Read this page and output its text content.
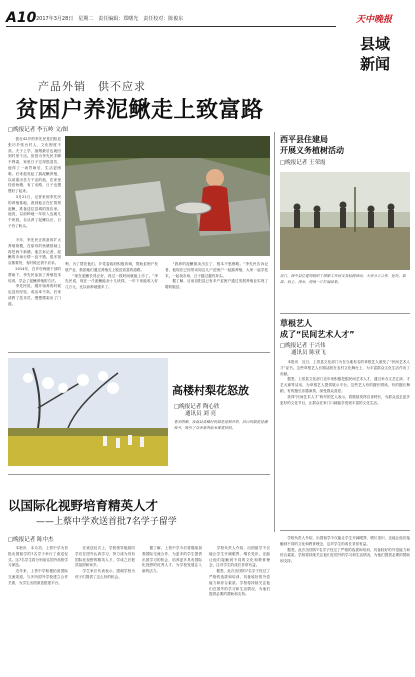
A10 2017年3月28日　星期二　责任编辑：郑曙光　责任校对：陈俊东	天中晚报
县域
新闻
产品外销　供不应求
贫困户养泥鳅走上致富路
□晚报记者 李五岭 文/图
　　我在42岁的李先民是泊阳县张坊乡张台村人，文化程度不高，夫子上学，抽烟最后也就回到村里干活。但因为李先民手脚不利索，家里日子过得很清苦，他得了一场胃病后，生活更困难。后来他发起了搞泥鳅养殖，以前靠出苦力干活的他，在家里经营鱼塘，有了出路，日子也慢慢好了起来。
　　3月21日，记者来到李先民的养殖基地，看到他正在忙着捞泥鳅，准备送往县城的饭店里。他说，以前种地一年收入也就几千块钱，自从养了泥鳅以后，日子有了盼头。
　　今年，李先民正准备再扩大养殖规模，在原有的鱼塘基础上再挖两个新塘。他告诉记者，泥鳅的市场行情一直不错，很多饭店都要货，有时候还供不应求。
　　2014年，在乡村两级干部的帮助下，李先民参加了养殖技术培训，学会了泥鳅养殖的方法。
　　李先民说，刚开始养的时候也没有经验，成活率不高，后来请教了技术员，慢慢摸索出了门道。
利，为了帮扶他们，乡党委政府积极协调，帮助贫困户发展产业，鼓励他们通过养殖走上脱贫致富的道路。
　　“现在泥鳅长得正好，再过一段时间就能上市了。”李先民说，现在一斤泥鳅能卖十几块钱，一年下来能收入好几万元，比以前种地强多了。
　　“我养的泥鳅都卖出去了，根本不愁销路。”李先民告诉记者，他现在已经带动周边几户贫困户一起搞养殖，大家一起学技术，一起找市场，日子越过越有奔头。
　　据了解，目前泊阳县已有多户贫困户通过发展养殖业实现了增收脱贫。
西平县住建局
开展义务植树活动
□晚报记者 王荣霞
近日，西平县住建局组织干部职工开展义务植树活动，大家分工合作，挖坑、栽苗、培土、浇水，现场一片忙碌景象。
草根艺人
成了“民间艺术人才”
□晚报记者 于兴伟
　　通讯员 陈亚飞
　　本报讯　近日，上蔡县文化部门为在当地有名的草根艺人颁发了“民间艺术人才”证书。这些草根艺人长期活跃在农村文化舞台上，为丰富群众文化生活作出了贡献。
　　据悉，上蔡县文化部门近年来积极挖掘民间艺术人才，通过举办文艺汇演、才艺大赛等活动，为草根艺人提供展示平台。这些艺人有的擅长唱戏，有的擅长舞蹈，有的擅长乐器演奏，深受群众喜爱。
　　获得“民间艺术人才”称号的艺人表示，将继续发挥自身特长，为群众送去更多更好的文化节目，让群众在家门口就能享受到丰富的文化生活。
高楼村梨花怒放
□晚报记者 陶心欣
　　通讯员 刘 亮
春光明媚，汝南县高楼村的梨花竞相开放，洁白的梨花挂满枝头，吸引了众多游客前来观赏拍照。
以国际化视野培育精英人才
——上蔡中学欢送首批7名学子留学
□晚报记者 陈中杰
　　本报讯　本月初，上蔡中学为首批出国留学的7名学子举行了欢送仪式。这7名学生将分别前往国外高校学习深造。
　　近年来，上蔡中学积极拓宽国际交流渠道，与多所国外学校建立合作关系，为学生出国深造搭建平台。
　　在欢送仪式上，学校领导勉励同学们在国外认真学习，努力成为具有国际化视野的精英人才，学成之后报效祖国和家乡。
　　学生家长代表表示，感谢学校为孩子们提供了这么好的机会。
　　据了解，上蔡中学今后将继续加强国际交流合作，为更多的学生提供出国学习的机会，培养更多具有国际化视野的优秀人才，为学校发展注入新的活力。
　　学校负责人介绍，出国留学不仅能让学生开阔眼界、增长见识，还能让他们接触到不同的文化和教育理念，这对学生的成长非常有益。
　　据悉，此次出国的7名学子经过了严格的选拔和培训，具备较好的外语能力和综合素质。学校将持续关注他们在国外的学习和生活情况，为他们提供必要的帮助和支持。
　　学校负责人介绍，出国留学不仅能让学生开阔眼界、增长见识，还能让他们接触到不同的文化和教育理念，这对学生的成长非常有益。
　　据悉，此次出国的7名学子经过了严格的选拔和培训，具备较好的外语能力和综合素质。学校将持续关注他们在国外的学习和生活情况，为他们提供必要的帮助和支持。
